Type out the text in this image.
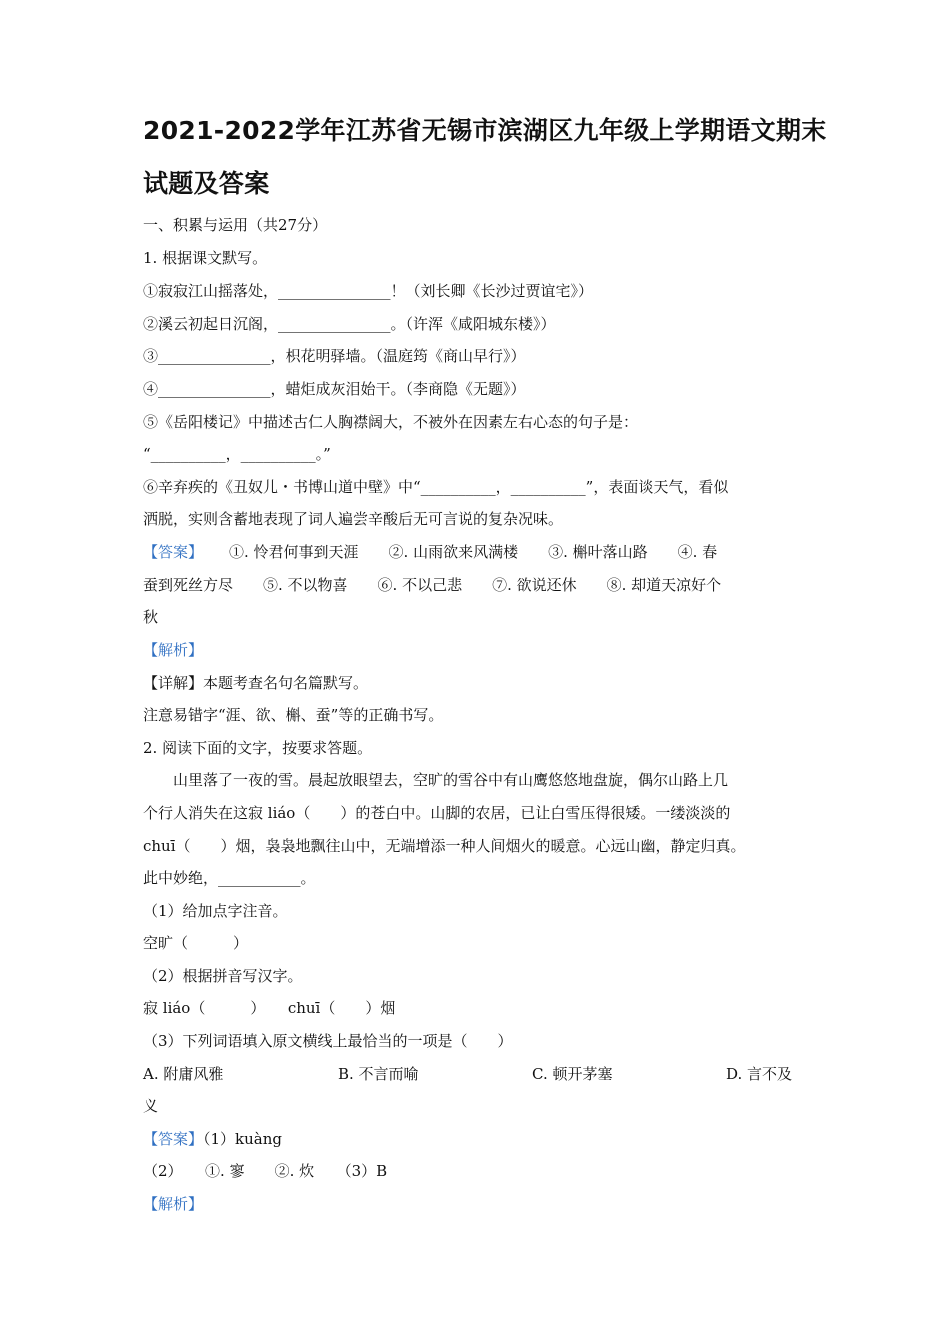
2021-2022学年江苏省无锡市滨湖区九年级上学期语文期末
试题及答案
一、积累与运用（共27分）
1. 根据课文默写。
①寂寂江山摇落处，_______________！（刘长卿《长沙过贾谊宅》）
②溪云初起日沉阁，_______________。（许浑《咸阳城东楼》）
③_______________，枳花明驿墙。（温庭筠《商山早行》）
④_______________，蜡炬成灰泪始干。（李商隐《无题》）
⑤《岳阳楼记》中描述古仁人胸襟阔大，不被外在因素左右心态的句子是：
“__________，__________。”
⑥辛弃疾的《丑奴儿・书博山道中壁》中“__________，__________”，表面谈天气，看似
洒脱，实则含蓄地表现了词人遍尝辛酸后无可言说的复杂况味。
【答案】 ①. 怜君何事到天涯　　②. 山雨欲来风满楼　　③. 槲叶落山路　　④. 春
蚕到死丝方尽　　⑤. 不以物喜　　⑥. 不以己悲　　⑦. 欲说还休　　⑧. 却道天凉好个
秋
【解析】
【详解】本题考查名句名篇默写。
注意易错字“涯、欲、槲、蚕”等的正确书写。
2. 阅读下面的文字，按要求答题。
山里落了一夜的雪。晨起放眼望去，空旷的雪谷中有山鹰悠悠地盘旋，偶尔山路上几
个行人消失在这寂 liáo（　　）的苍白中。山脚的农居，已让白雪压得很矮。一缕淡淡的
chuī（　　）烟，袅袅地飘往山中，无端增添一种人间烟火的暖意。心远山幽，静定归真。
此中妙绝，___________。
（1）给加点字注音。
空旷（　　　）
（2）根据拼音写汉字。
寂 liáo（　　　）　　chuī（　　）烟
（3）下列词语填入原文横线上最恰当的一项是（　　）
A. 附庸风雅	B. 不言而喻	C. 顿开茅塞	D. 言不及
义
【答案】（1）kuàng
（2）　　①. 寥　　②. 炊　　（3）B
【解析】
